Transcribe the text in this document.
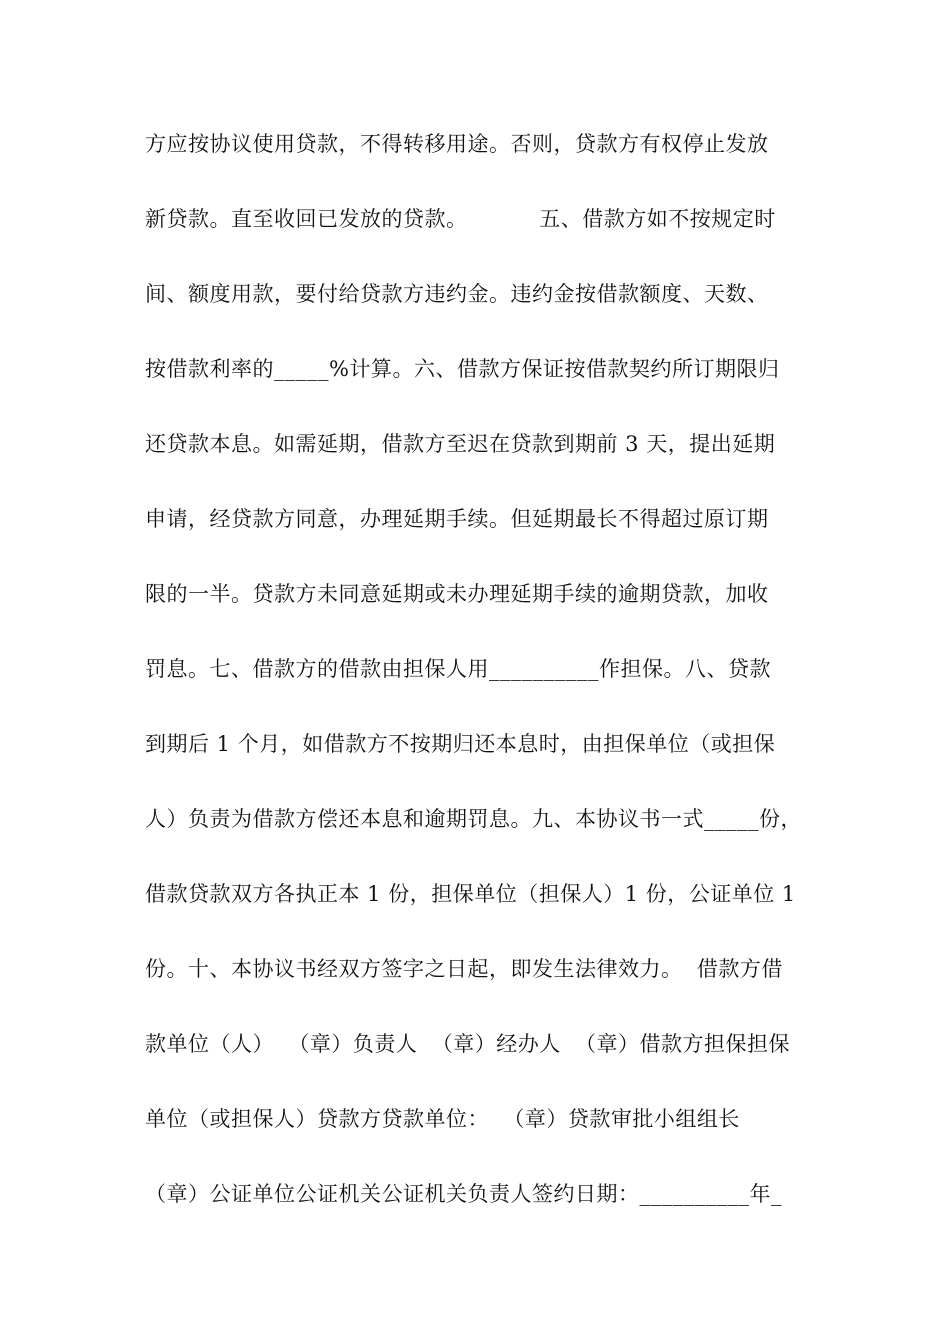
方应按协议使用贷款，不得转移用途。否则，贷款方有权停止发放
新贷款。直至收回已发放的贷款。          五、借款方如不按规定时
间、额度用款，要付给贷款方违约金。违约金按借款额度、天数、
按借款利率的_____%计算。六、借款方保证按借款契约所订期限归
还贷款本息。如需延期，借款方至迟在贷款到期前 3 天，提出延期
申请，经贷款方同意，办理延期手续。但延期最长不得超过原订期
限的一半。贷款方未同意延期或未办理延期手续的逾期贷款，加收
罚息。七、借款方的借款由担保人用__________作担保。八、贷款
到期后 1 个月，如借款方不按期归还本息时，由担保单位（或担保
人）负责为借款方偿还本息和逾期罚息。九、本协议书一式_____份，
借款贷款双方各执正本 1 份，担保单位（担保人）1 份，公证单位 1
份。十、本协议书经双方签字之日起，即发生法律效力。  借款方借
款单位（人）  （章）负责人  （章）经办人  （章）借款方担保担保
单位（或担保人）贷款方贷款单位：  （章）贷款审批小组组长
（章）公证单位公证机关公证机关负责人签约日期：__________年_
